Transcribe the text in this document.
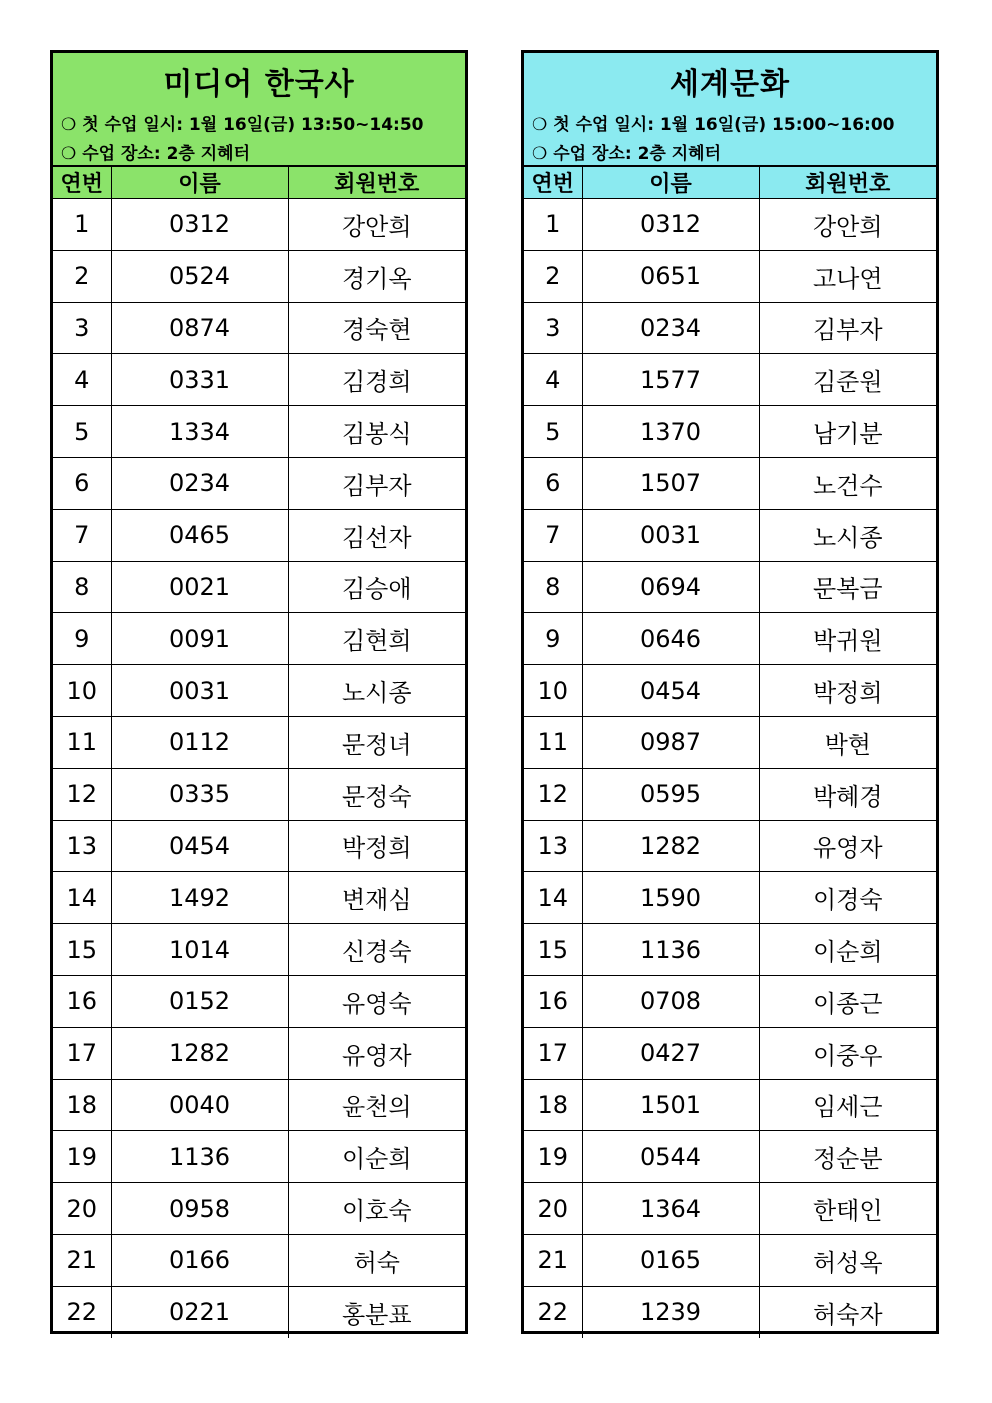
미디어 한국사
❍ 첫 수업 일시: 1월 16일(금) 13:50~14:50
❍ 수업 장소: 2층 지혜터
연번	이름	회원번호
1	0312	강안희
2	0524	경기옥
3	0874	경숙현
4	0331	김경희
5	1334	김봉식
6	0234	김부자
7	0465	김선자
8	0021	김승애
9	0091	김현희
10	0031	노시종
11	0112	문정녀
12	0335	문정숙
13	0454	박정희
14	1492	변재심
15	1014	신경숙
16	0152	유영숙
17	1282	유영자
18	0040	윤천의
19	1136	이순희
20	0958	이호숙
21	0166	허숙
22	0221	홍분표
세계문화
❍ 첫 수업 일시: 1월 16일(금) 15:00~16:00
❍ 수업 장소: 2층 지혜터
연번	이름	회원번호
1	0312	강안희
2	0651	고나연
3	0234	김부자
4	1577	김준원
5	1370	남기분
6	1507	노건수
7	0031	노시종
8	0694	문복금
9	0646	박귀원
10	0454	박정희
11	0987	박현
12	0595	박혜경
13	1282	유영자
14	1590	이경숙
15	1136	이순희
16	0708	이종근
17	0427	이중우
18	1501	임세근
19	0544	정순분
20	1364	한태인
21	0165	허성옥
22	1239	허숙자
